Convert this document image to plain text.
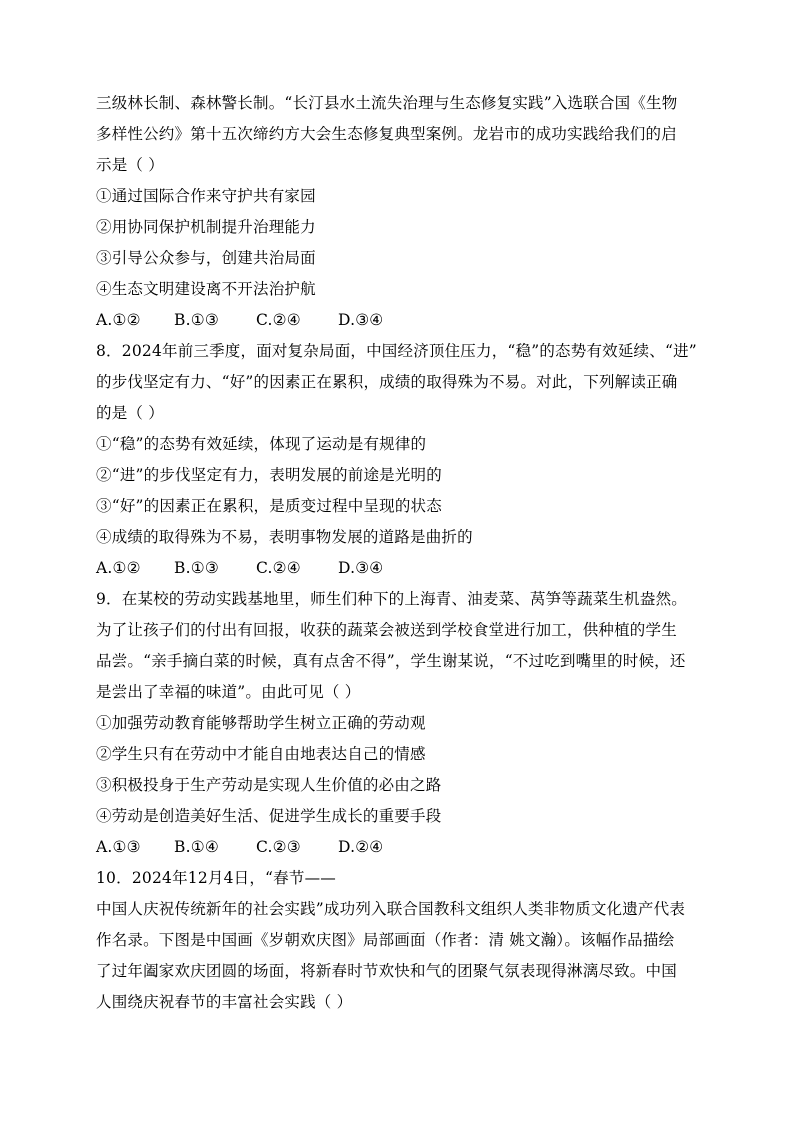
三级林长制、森林警长制。“长汀县水土流失治理与生态修复实践”入选联合国《生物
多样性公约》第十五次缔约方大会生态修复典型案例。龙岩市的成功实践给我们的启
示是（ ）
①通过国际合作来守护共有家园
②用协同保护机制提升治理能力
③引导公众参与，创建共治局面
④生态文明建设离不开法治护航
A.①② B.①③ C.②④ D.③④
8．2024年前三季度，面对复杂局面，中国经济顶住压力，“稳”的态势有效延续、“进”
的步伐坚定有力、“好”的因素正在累积，成绩的取得殊为不易。对此，下列解读正确
的是（ ）
①“稳”的态势有效延续，体现了运动是有规律的
②“进”的步伐坚定有力，表明发展的前途是光明的
③“好”的因素正在累积，是质变过程中呈现的状态
④成绩的取得殊为不易，表明事物发展的道路是曲折的
A.①② B.①③ C.②④ D.③④
9．在某校的劳动实践基地里，师生们种下的上海青、油麦菜、莴笋等蔬菜生机盎然。
为了让孩子们的付出有回报，收获的蔬菜会被送到学校食堂进行加工，供种植的学生
品尝。“亲手摘白菜的时候，真有点舍不得”，学生谢某说，“不过吃到嘴里的时候，还
是尝出了幸福的味道”。由此可见（ ）
①加强劳动教育能够帮助学生树立正确的劳动观
②学生只有在劳动中才能自由地表达自己的情感
③积极投身于生产劳动是实现人生价值的必由之路
④劳动是创造美好生活、促进学生成长的重要手段
A.①③ B.①④ C.②③ D.②④
10．2024年12月4日，“春节——
中国人庆祝传统新年的社会实践”成功列入联合国教科文组织人类非物质文化遗产代表
作名录。下图是中国画《岁朝欢庆图》局部画面（作者：清 姚文瀚）。该幅作品描绘
了过年阖家欢庆团圆的场面，将新春时节欢快和气的团聚气氛表现得淋漓尽致。中国
人围绕庆祝春节的丰富社会实践（ ）
